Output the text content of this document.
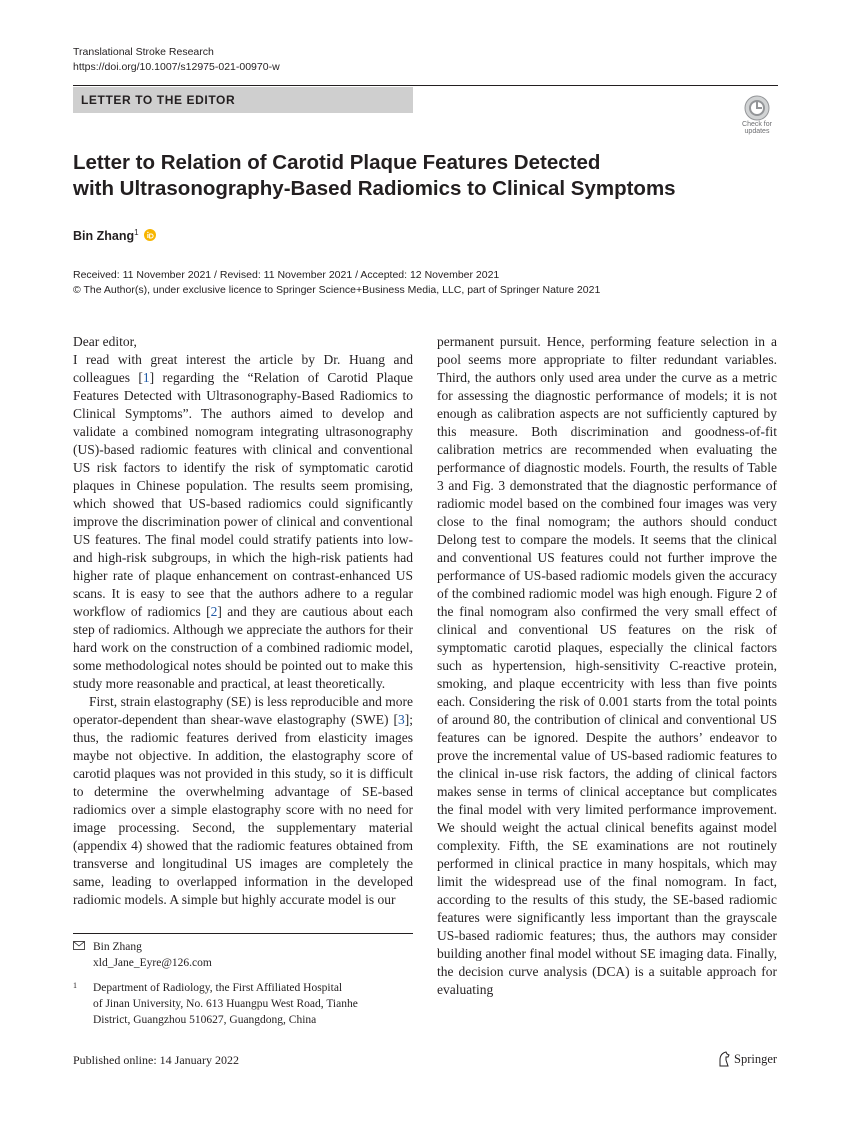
Translational Stroke Research
https://doi.org/10.1007/s12975-021-00970-w
LETTER TO THE EDITOR
Check for
updates
Letter to Relation of Carotid Plaque Features Detected
with Ultrasonography-Based Radiomics to Clinical Symptoms
Bin Zhang$^1$
Received: 11 November 2021 / Revised: 11 November 2021 / Accepted: 12 November 2021
© The Author(s), under exclusive licence to Springer Science+Business Media, LLC, part of Springer Nature 2021

Dear editor,

I read with great interest the article by Dr. Huang and colleagues [1] regarding the “Relation of Carotid Plaque Features Detected with Ultrasonography-Based Radiomics to Clinical Symptoms”. The authors aimed to develop and validate a combined nomogram integrating ultrasonography (US)-based radiomic features with clinical and conventional US risk factors to identify the risk of symptomatic carotid plaques in Chinese population. The results seem promising, which showed that US-based radiomics could significantly improve the discrimination power of clinical and conventional US features. The final model could stratify patients into low- and high-risk subgroups, in which the high-risk patients had higher rate of plaque enhancement on contrast-enhanced US scans. It is easy to see that the authors adhere to a regular workflow of radiomics [2] and they are cautious about each step of radiomics. Although we appreciate the authors for their hard work on the construction of a combined radiomic model, some methodological notes should be pointed out to make this study more reasonable and practical, at least theoretically.

First, strain elastography (SE) is less reproducible and more operator-dependent than shear-wave elastography (SWE) [3]; thus, the radiomic features derived from elasticity images maybe not objective. In addition, the elastography score of carotid plaques was not provided in this study, so it is difficult to determine the overwhelming advantage of SE-based radiomics over a simple elastography score with no need for image processing. Second, the supplementary material (appendix 4) showed that the radiomic features obtained from transverse and longitudinal US images are completely the same, leading to overlapped information in the developed radiomic models. A simple but highly accurate model is our

permanent pursuit. Hence, performing feature selection in a pool seems more appropriate to filter redundant variables. Third, the authors only used area under the curve as a metric for assessing the diagnostic performance of models; it is not enough as calibration aspects are not sufficiently captured by this measure. Both discrimination and goodness-of-fit calibration metrics are recommended when evaluating the performance of diagnostic models. Fourth, the results of Table 3 and Fig. 3 demonstrated that the diagnostic performance of radiomic model based on the combined four images was very close to the final nomogram; the authors should conduct Delong test to compare the models. It seems that the clinical and conventional US features could not further improve the performance of US-based radiomic models given the accuracy of the combined radiomic model was high enough. Figure 2 of the final nomogram also confirmed the very small effect of clinical and conventional US features on the risk of symptomatic carotid plaques, especially the clinical factors such as hypertension, high-sensitivity C-reactive protein, smoking, and plaque eccentricity with less than five points each. Considering the risk of 0.001 starts from the total points of around 80, the contribution of clinical and conventional US features can be ignored. Despite the authors’ endeavor to prove the incremental value of US-based radiomic features to the clinical in-use risk factors, the adding of clinical factors makes sense in terms of clinical acceptance but complicates the final model with very limited performance improvement. We should weight the actual clinical benefits against model complexity. Fifth, the SE examinations are not routinely performed in clinical practice in many hospitals, which may limit the widespread use of the final nomogram. In fact, according to the results of this study, the SE-based radiomic features were significantly less important than the grayscale US-based radiomic features; thus, the authors may consider building another final model without SE imaging data. Finally, the decision curve analysis (DCA) is a suitable approach for evaluating

Bin Zhang
xld_Jane_Eyre@126.com
1	Department of Radiology, the First Affiliated Hospital
of Jinan University, No. 613 Huangpu West Road, Tianhe
District, Guangzhou 510627, Guangdong, China
Published online: 14 January 2022	Springer
